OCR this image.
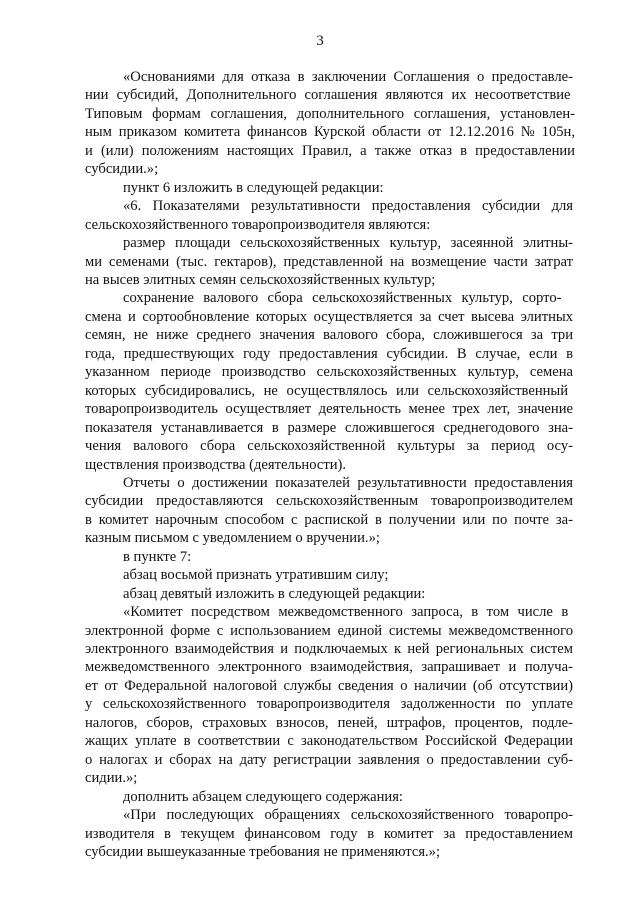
3
«Основаниями для отказа в заключении Соглашения о предоставле-
нии субсидий, Дополнительного соглашения являются их несоответствие
Типовым формам соглашения, дополнительного соглашения, установлен-
ным приказом комитета финансов Курской области от 12.12.2016 № 105н,
и (или) положениям настоящих Правил, а также отказ в предоставлении
субсидии.»;
пункт 6 изложить в следующей редакции:
«6. Показателями результативности предоставления субсидии для
сельскохозяйственного товаропроизводителя являются:
размер площади сельскохозяйственных культур, засеянной элитны-
ми семенами (тыс. гектаров), представленной на возмещение части затрат
на высев элитных семян сельскохозяйственных культур;
сохранение валового сбора сельскохозяйственных культур, сорто-
смена и сортообновление которых осуществляется за счет высева элитных
семян, не ниже среднего значения валового сбора, сложившегося за три
года, предшествующих году предоставления субсидии. В случае, если в
указанном периоде производство сельскохозяйственных культур, семена
которых субсидировались, не осуществлялось или сельскохозяйственный
товаропроизводитель осуществляет деятельность менее трех лет, значение
показателя устанавливается в размере сложившегося среднегодового зна-
чения валового сбора сельскохозяйственной культуры за период осу-
ществления производства (деятельности).
Отчеты о достижении показателей результативности предоставления
субсидии предоставляются сельскохозяйственным товаропроизводителем
в комитет нарочным способом с распиской в получении или по почте за-
казным письмом с уведомлением о вручении.»;
в пункте 7:
абзац восьмой признать утратившим силу;
абзац девятый изложить в следующей редакции:
«Комитет посредством межведомственного запроса, в том числе в
электронной форме с использованием единой системы межведомственного
электронного взаимодействия и подключаемых к ней региональных систем
межведомственного электронного взаимодействия, запрашивает и получа-
ет от Федеральной налоговой службы сведения о наличии (об отсутствии)
у сельскохозяйственного товаропроизводителя задолженности по уплате
налогов, сборов, страховых взносов, пеней, штрафов, процентов, подле-
жащих уплате в соответствии с законодательством Российской Федерации
о налогах и сборах на дату регистрации заявления о предоставлении суб-
сидии.»;
дополнить абзацем следующего содержания:
«При последующих обращениях сельскохозяйственного товаропро-
изводителя в текущем финансовом году в комитет за предоставлением
субсидии вышеуказанные требования не применяются.»;
